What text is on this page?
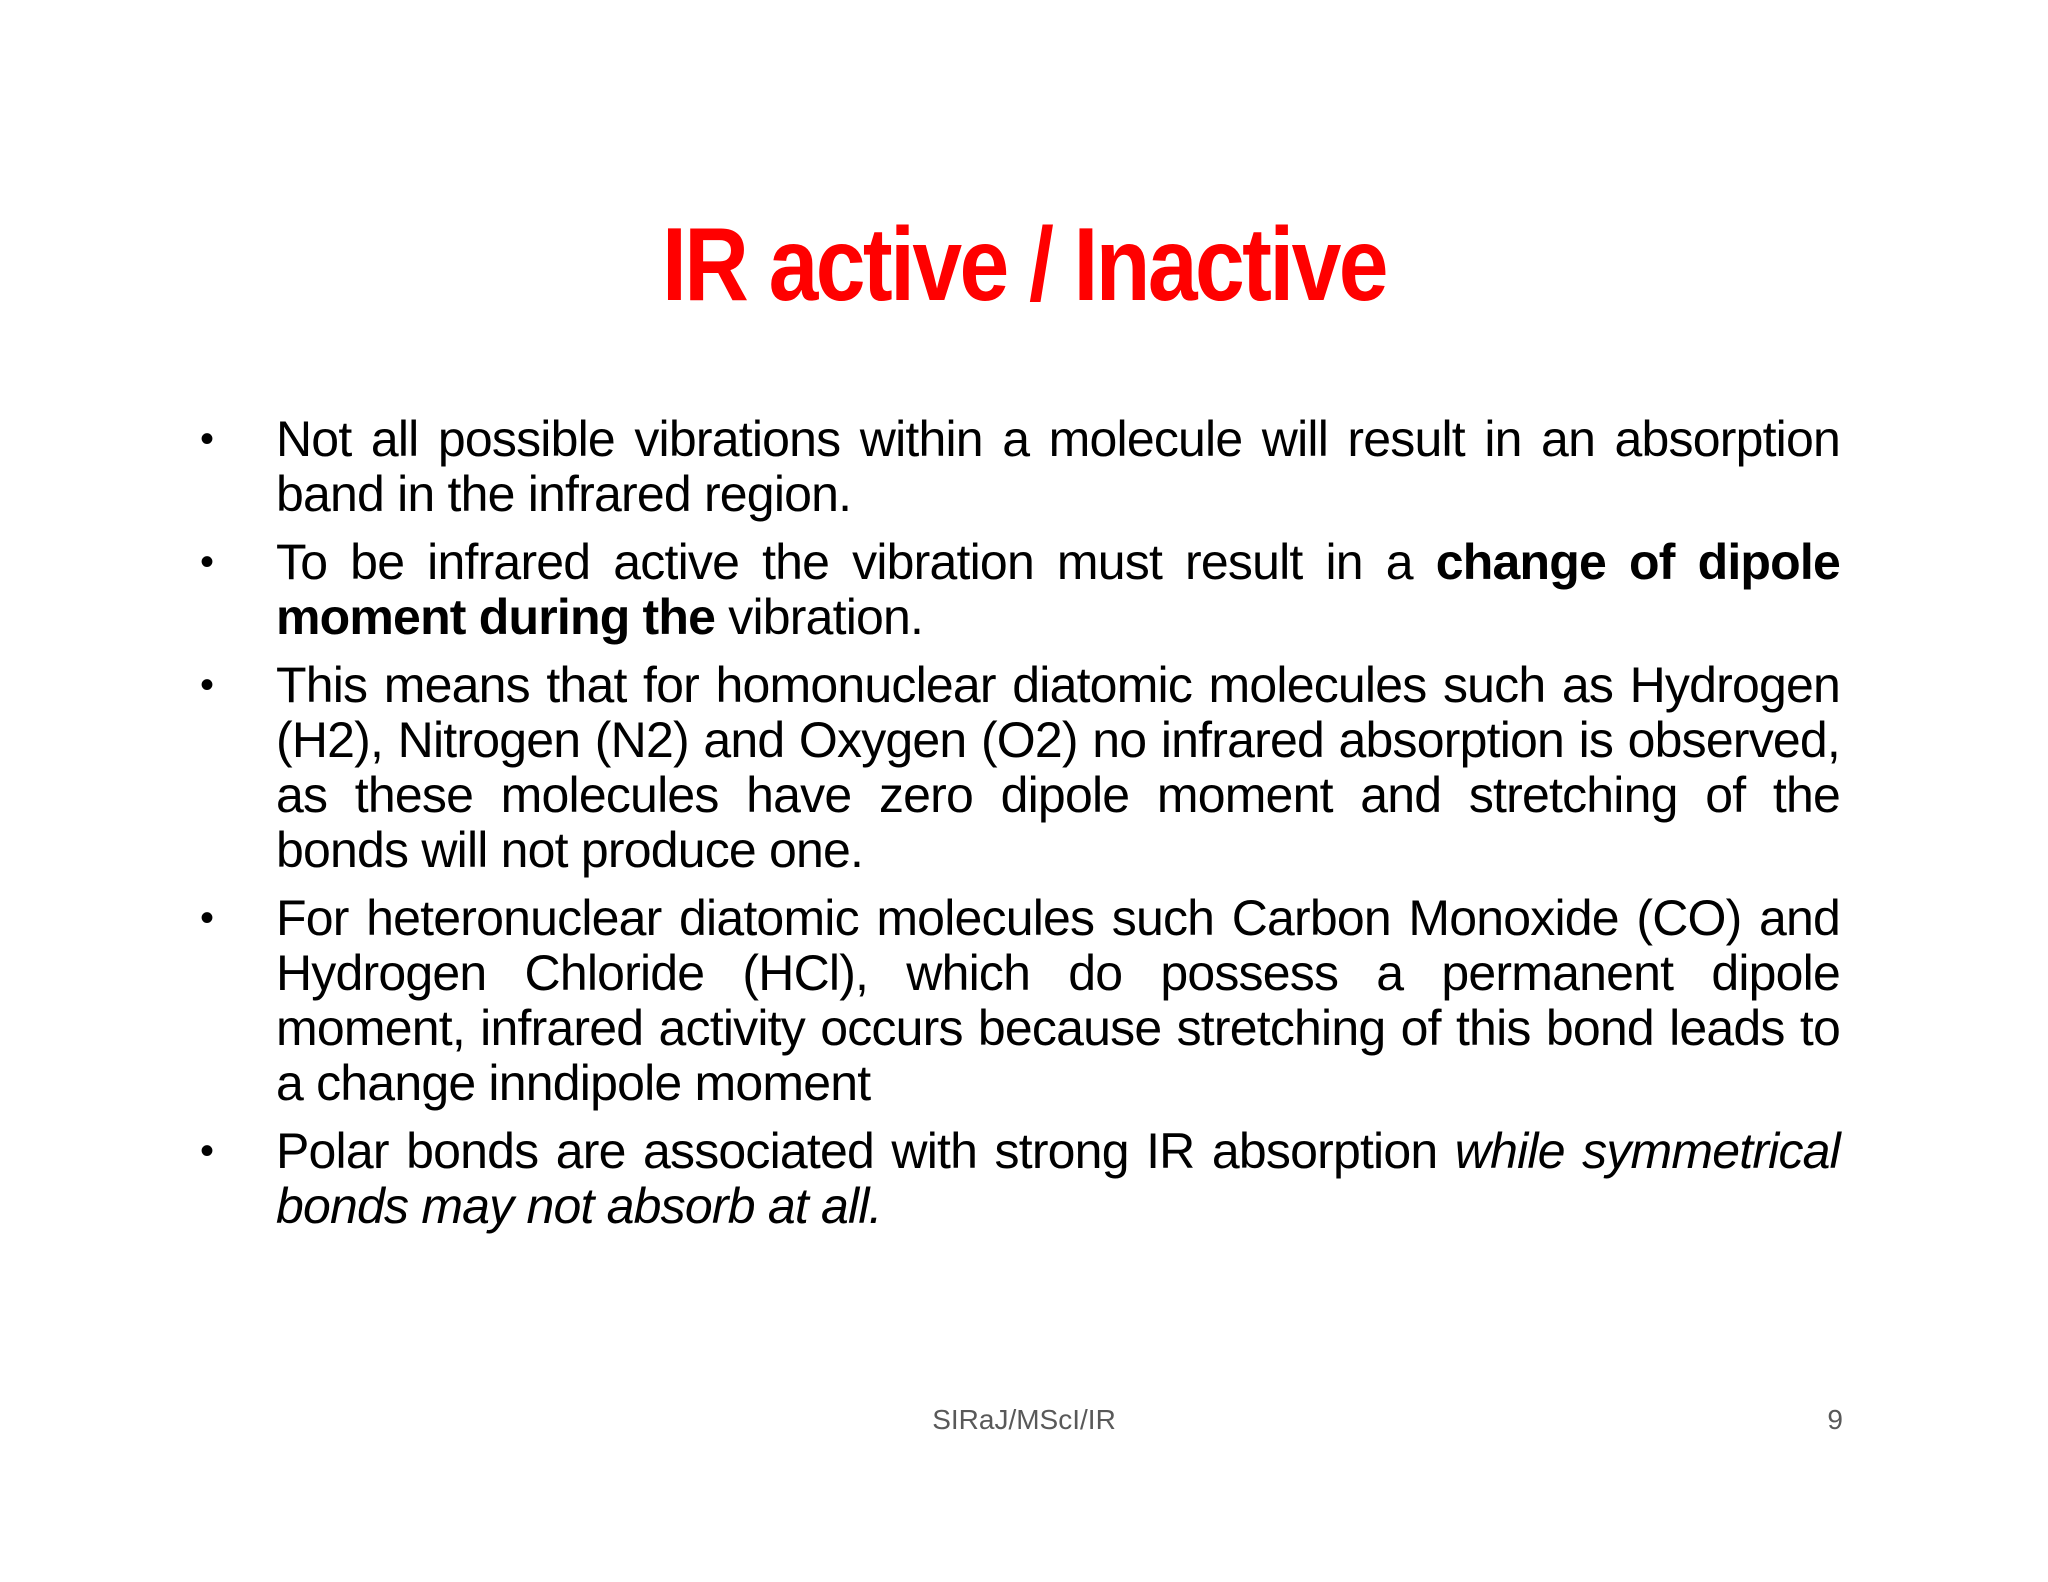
IR active / Inactive
•	Not all possible vibrations within a molecule will result in an absorption band in the infrared region.
•	To be infrared active the vibration must result in a change of dipole moment during the vibration.
•	This means that for homonuclear diatomic molecules such as Hydrogen (H2), Nitrogen (N2) and Oxygen (O2) no infrared absorption is observed, as these molecules have zero dipole moment and stretching of the bonds will not produce one.
•	For heteronuclear diatomic molecules such Carbon Monoxide (CO) and Hydrogen Chloride (HCl), which do possess a permanent dipole moment, infrared activity occurs because stretching of this bond leads to a change inndipole moment
•	Polar bonds are associated with strong IR absorption while symmetrical bonds may not absorb at all.
SIRaJ/MScI/IR	9
